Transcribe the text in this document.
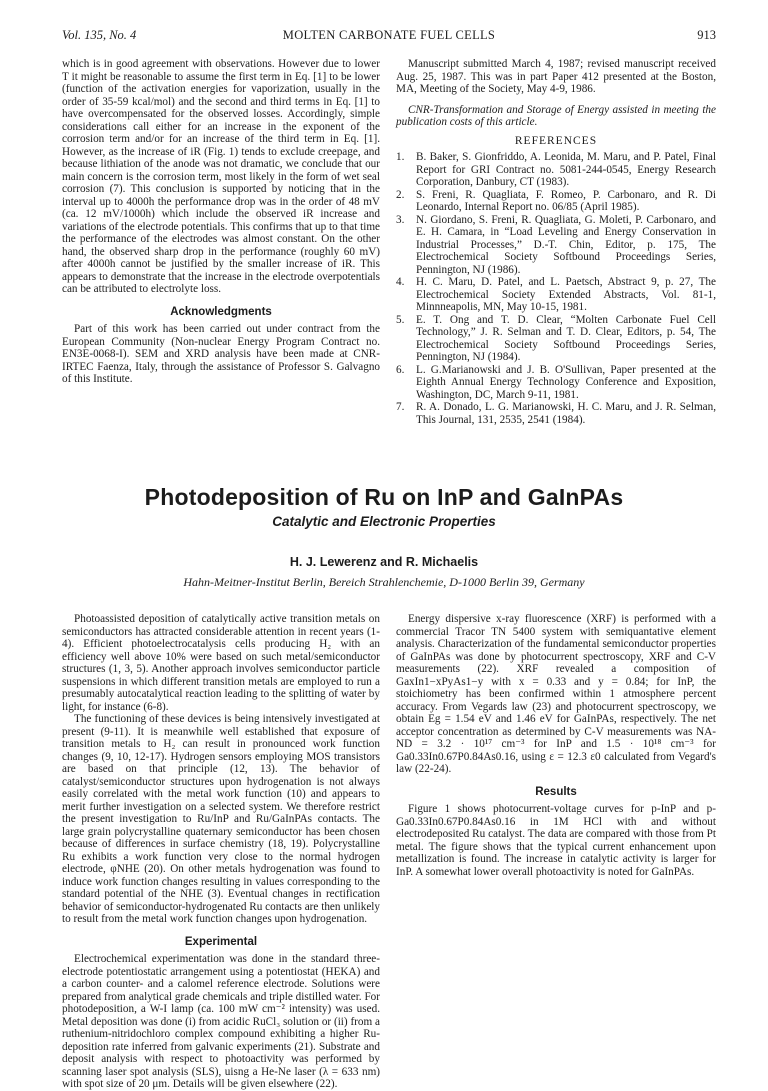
Vol. 135, No. 4	MOLTEN CARBONATE FUEL CELLS	913

which is in good agreement with observations. However due to lower T it might be reasonable to assume the first term in Eq. [1] to be lower (function of the activation energies for vaporization, usually in the order of 35-59 kcal/mol) and the second and third terms in Eq. [1] to have overcompensated for the observed losses. Accordingly, simple considerations call either for an increase in the exponent of the corrosion term and/or for an increase of the third term in Eq. [1]. However, as the increase of iR (Fig. 1) tends to exclude creepage, and because lithiation of the anode was not dramatic, we conclude that our main concern is the corrosion term, most likely in the form of wet seal corrosion (7). This conclusion is supported by noticing that in the interval up to 4000h the performance drop was in the order of 48 mV (ca. 12 mV/1000h) which include the observed iR increase and variations of the electrode potentials. This confirms that up to that time the performance of the electrodes was almost constant. On the other hand, the observed sharp drop in the performance (roughly 60 mV) after 4000h cannot be justified by the smaller increase of iR. This appears to demonstrate that the increase in the electrode overpotentials can be attributed to electrolyte loss.

Acknowledgments

Part of this work has been carried out under contract from the European Community (Non-nuclear Energy Program Contract no. EN3E-0068-I). SEM and XRD analysis have been made at CNR-IRTEC Faenza, Italy, through the assistance of Professor S. Galvagno of this Institute.

Manuscript submitted March 4, 1987; revised manuscript received Aug. 25, 1987. This was in part Paper 412 presented at the Boston, MA, Meeting of the Society, May 4-9, 1986.

CNR-Transformation and Storage of Energy assisted in meeting the publication costs of this article.

REFERENCES
1.	B. Baker, S. Gionfriddo, A. Leonida, M. Maru, and P. Patel, Final Report for GRI Contract no. 5081-244-0545, Energy Research Corporation, Danbury, CT (1983).
2.	S. Freni, R. Quagliata, F. Romeo, P. Carbonaro, and R. Di Leonardo, Internal Report no. 06/85 (April 1985).
3.	N. Giordano, S. Freni, R. Quagliata, G. Moleti, P. Carbonaro, and E. H. Camara, in “Load Leveling and Energy Conservation in Industrial Processes,” D.-T. Chin, Editor, p. 175, The Electrochemical Society Softbound Proceedings Series, Pennington, NJ (1986).
4.	H. C. Maru, D. Patel, and L. Paetsch, Abstract 9, p. 27, The Electrochemical Society Extended Abstracts, Vol. 81-1, Minnneapolis, MN, May 10-15, 1981.
5.	E. T. Ong and T. D. Clear, “Molten Carbonate Fuel Cell Technology,” J. R. Selman and T. D. Clear, Editors, p. 54, The Electrochemical Society Softbound Proceedings Series, Pennington, NJ (1984).
6.	L. G.Marianowski and J. B. O'Sullivan, Paper presented at the Eighth Annual Energy Technology Conference and Exposition, Washington, DC, March 9-11, 1981.
7.	R. A. Donado, L. G. Marianowski, H. C. Maru, and J. R. Selman, This Journal, 131, 2535, 2541 (1984).
Photodeposition of Ru on InP and GaInPAs
Catalytic and Electronic Properties
H. J. Lewerenz and R. Michaelis
Hahn-Meitner-Institut Berlin, Bereich Strahlenchemie, D-1000 Berlin 39, Germany

Photoassisted deposition of catalytically active transition metals on semiconductors has attracted considerable attention in recent years (1-4). Efficient photoelectrocatalysis cells producing H₂ with an efficiency well above 10% were based on such metal/semiconductor structures (1, 3, 5). Another approach involves semiconductor particle suspensions in which different transition metals are employed to run a presumably autocatalytical reaction leading to the splitting of water by light, for instance (6-8).

The functioning of these devices is being intensively investigated at present (9-11). It is meanwhile well established that exposure of transition metals to H₂ can result in pronounced work function changes (9, 10, 12-17). Hydrogen sensors employing MOS transistors are based on that principle (12, 13). The behavior of catalyst/semiconductor structures upon hydrogenation is not always easily correlated with the metal work function (10) and appears to merit further investigation on a selected system. We therefore restrict the present investigation to Ru/InP and Ru/GaInPAs contacts. The large grain polycrystalline quaternary semiconductor has been chosen because of differences in surface chemistry (18, 19). Polycrystalline Ru exhibits a work function very close to the normal hydrogen electrode, φNHE (20). On other metals hydrogenation was found to induce work function changes resulting in values corresponding to the standard potential of the NHE (3). Eventual changes in rectification behavior of semiconductor-hydrogenated Ru contacts are then unlikely to result from the metal work function changes upon hydrogenation.

Experimental

Electrochemical experimentation was done in the standard three-electrode potentiostatic arrangement using a potentiostat (HEKA) and a carbon counter- and a calomel reference electrode. Solutions were prepared from analytical grade chemicals and triple distilled water. For photodeposition, a W-I lamp (ca. 100 mW cm⁻² intensity) was used. Metal deposition was done (i) from acidic RuCl₃ solution or (ii) from a ruthenium-nitridochloro complex compound exhibiting a higher Ru-deposition rate inferred from galvanic experiments (21). Substrate and deposit analysis with respect to photoactivity was performed by scanning laser spot analysis (SLS), uisng a He-Ne laser (λ = 633 nm) with spot size of 20 μm. Details will be given elsewhere (22).

Energy dispersive x-ray fluorescence (XRF) is performed with a commercial Tracor TN 5400 system with semiquantative element analysis. Characterization of the fundamental semiconductor properties of GaInPAs was done by photocurrent spectroscopy, XRF and C-V measurements (22). XRF revealed a composition of GaxIn1−xPyAs1−y with x = 0.33 and y = 0.84; for InP, the stoichiometry has been confirmed within 1 atmosphere percent accuracy. From Vegards law (23) and photocurrent spectroscopy, we obtain Eg = 1.54 eV and 1.46 eV for GaInPAs, respectively. The net acceptor concentration as determined by C-V measurements was NA-ND = 3.2 · 10¹⁷ cm⁻³ for InP and 1.5 · 10¹⁸ cm⁻³ for Ga0.33In0.67P0.84As0.16, using ε = 12.3 ε0 calculated from Vegard's law (22-24).

Results

Figure 1 shows photocurrent-voltage curves for p-InP and p-Ga0.33In0.67P0.84As0.16 in 1M HCl with and without electrodeposited Ru catalyst. The data are compared with those from Pt metal. The figure shows that the typical current enhancement upon metallization is found. The increase in catalytic activity is larger for InP. A somewhat lower overall photoactivity is noted for GaInPAs.
